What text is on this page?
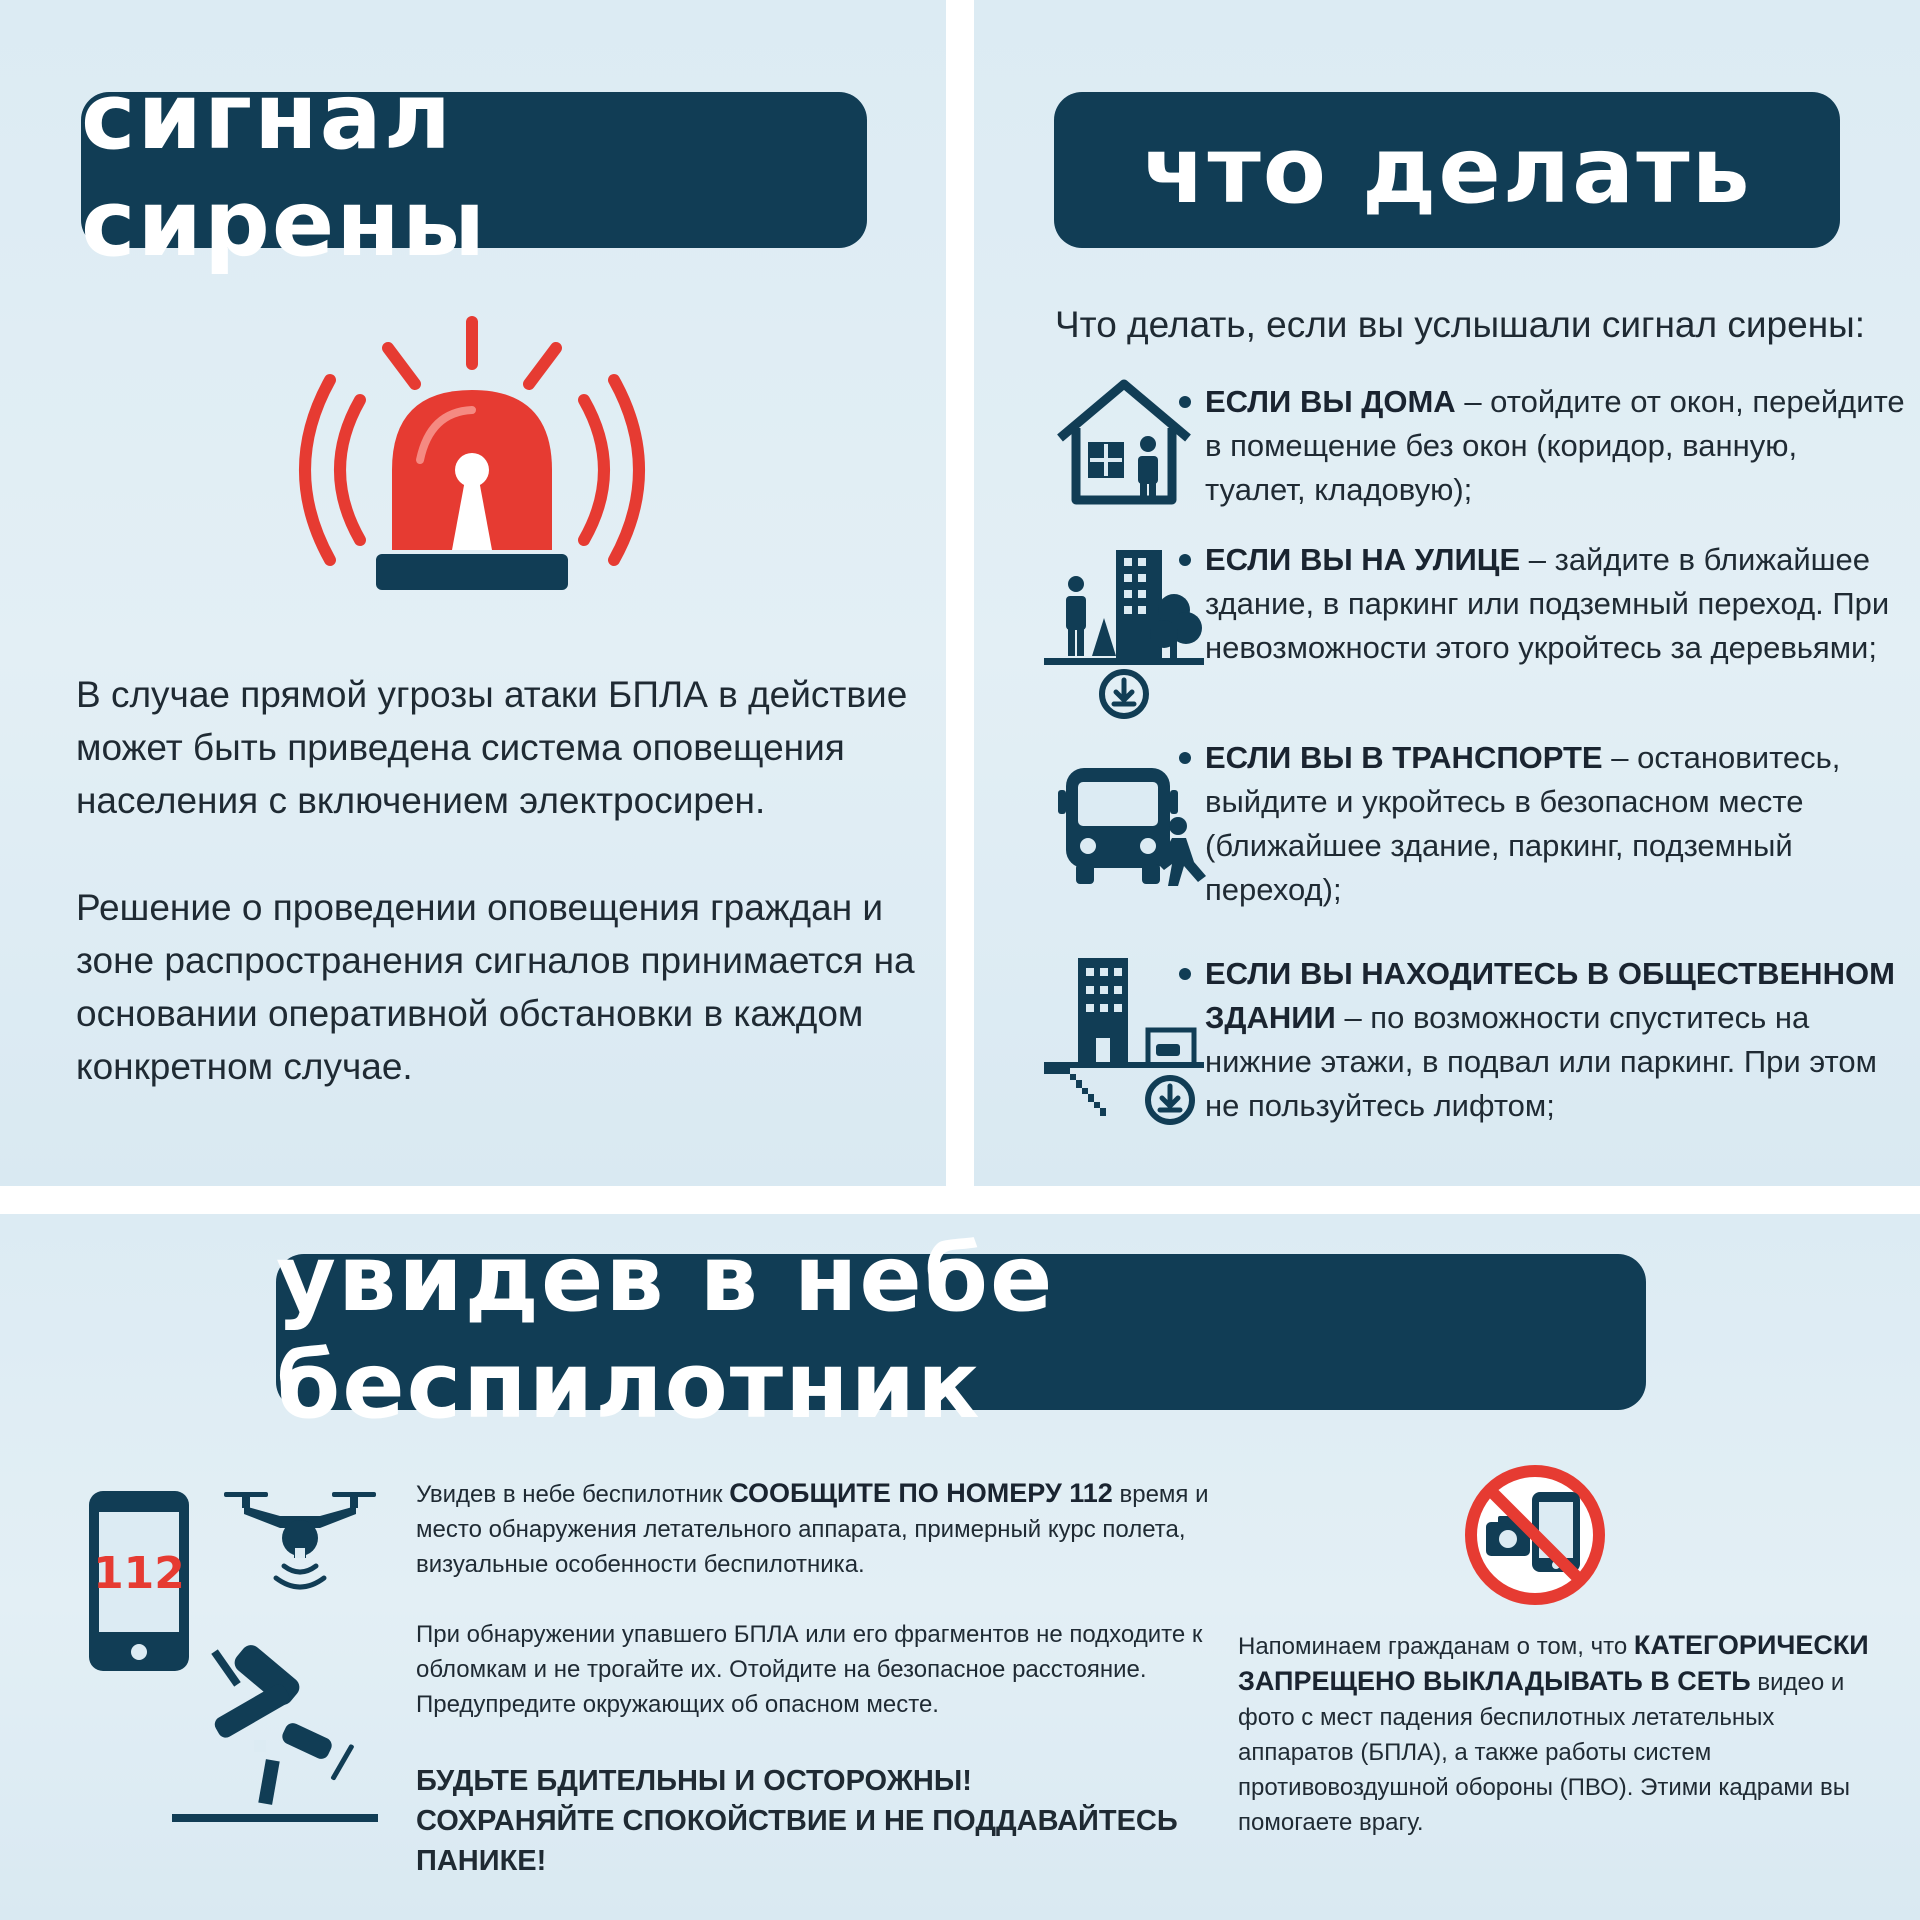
сигнал сирены
В случае прямой угрозы атаки БПЛА в действие может быть приведена система оповещения населения с включением электросирен.
Решение о проведении оповещения граждан и зоне распространения сигналов принимается на основании оперативной обстановки в каждом конкретном случае.
что делать
Что делать, если вы услышали сигнал сирены:
ЕСЛИ ВЫ ДОМА – отойдите от окон, перейдите в помещение без окон (коридор, ванную, туалет, кладовую);
ЕСЛИ ВЫ НА УЛИЦЕ – зайдите в ближайшее здание, в паркинг или подземный переход. При невозможности этого укройтесь за деревьями;
ЕСЛИ ВЫ В ТРАНСПОРТЕ – остановитесь, выйдите и укройтесь в безопасном месте (ближайшее здание, паркинг, подземный переход);
ЕСЛИ ВЫ НАХОДИТЕСЬ В ОБЩЕСТВЕННОМ ЗДАНИИ – по возможности спуститесь на нижние этажи, в подвал или паркинг. При этом не пользуйтесь лифтом;
увидев в небе беспилотник
112
Увидев в небе беспилотник СООБЩИТЕ ПО НОМЕРУ 112 время и место обнаружения летательного аппарата, примерный курс полета, визуальные особенности беспилотника.
При обнаружении упавшего БПЛА или его фрагментов не подходите к обломкам и не трогайте их. Отойдите на безопасное расстояние. Предупредите окружающих об опасном месте.
БУДЬТЕ БДИТЕЛЬНЫ И ОСТОРОЖНЫ!
СОХРАНЯЙТЕ СПОКОЙСТВИЕ И НЕ ПОДДАВАЙТЕСЬ ПАНИКЕ!
Напоминаем гражданам о том, что КАТЕГОРИЧЕСКИ ЗАПРЕЩЕНО ВЫКЛАДЫВАТЬ В СЕТЬ видео и фото с мест падения беспилотных летательных аппаратов (БПЛА), а также работы систем противовоздушной обороны (ПВО). Этими кадрами вы помогаете врагу.
